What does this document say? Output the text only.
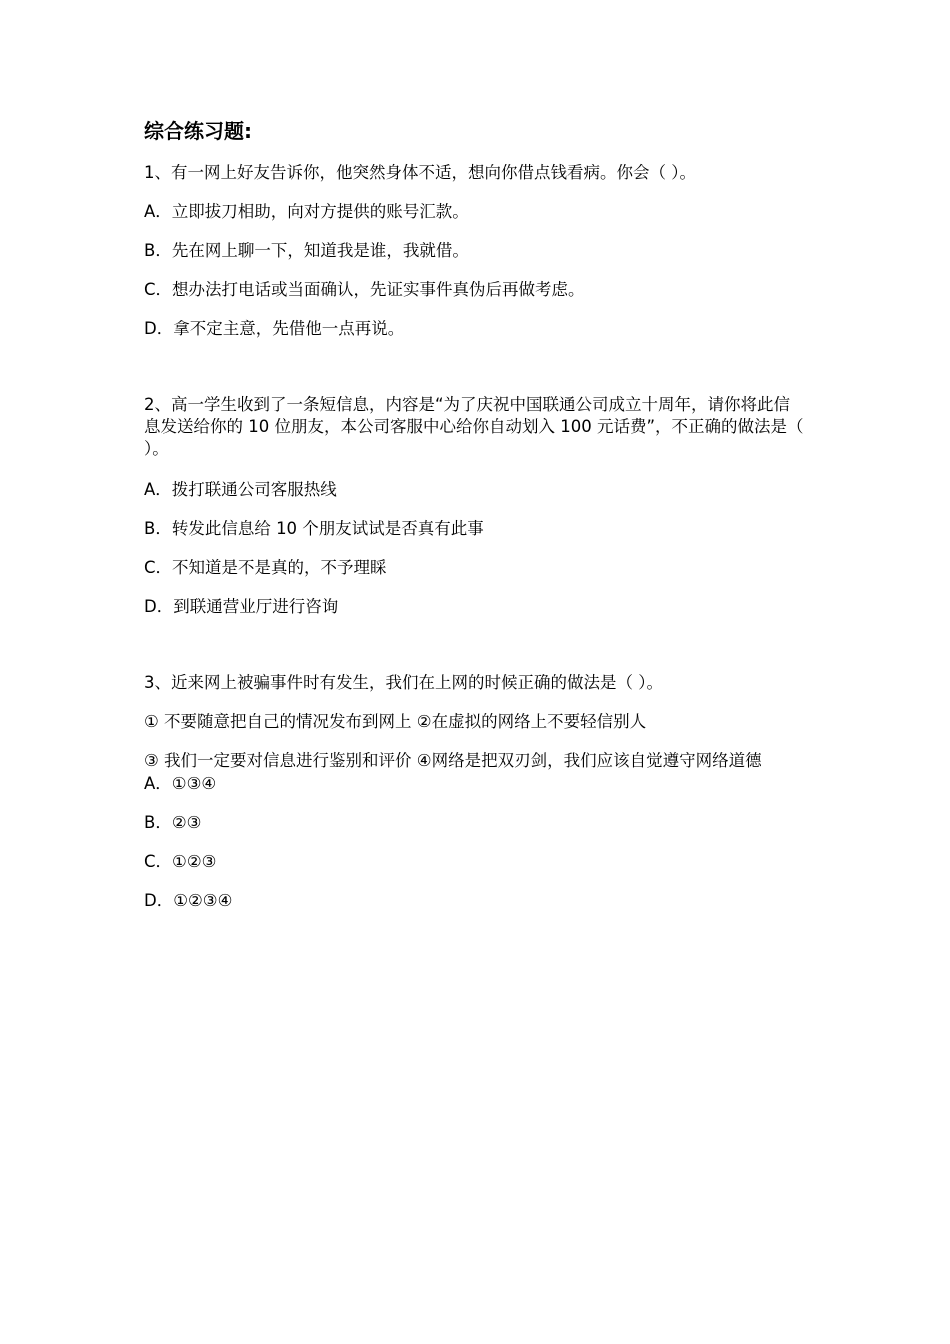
综合练习题:
1、有一网上好友告诉你，他突然身体不适，想向你借点钱看病。你会（ ）。
A．立即拔刀相助，向对方提供的账号汇款。
B．先在网上聊一下，知道我是谁，我就借。
C．想办法打电话或当面确认，先证实事件真伪后再做考虑。
D．拿不定主意，先借他一点再说。
2、高一学生收到了一条短信息，内容是“为了庆祝中国联通公司成立十周年，请你将此信 息发送给你的 10 位朋友，本公司客服中心给你自动划入 100 元话费”，不正确的做法是（ ）。
A．拨打联通公司客服热线
B．转发此信息给 10 个朋友试试是否真有此事
C．不知道是不是真的，不予理睬
D．到联通营业厅进行咨询
3、近来网上被骗事件时有发生，我们在上网的时候正确的做法是（ ）。
① 不要随意把自己的情况发布到网上 ②在虚拟的网络上不要轻信别人
③ 我们一定要对信息进行鉴别和评价 ④网络是把双刃剑，我们应该自觉遵守网络道德
A．①③④
B．②③
C．①②③
D．①②③④
